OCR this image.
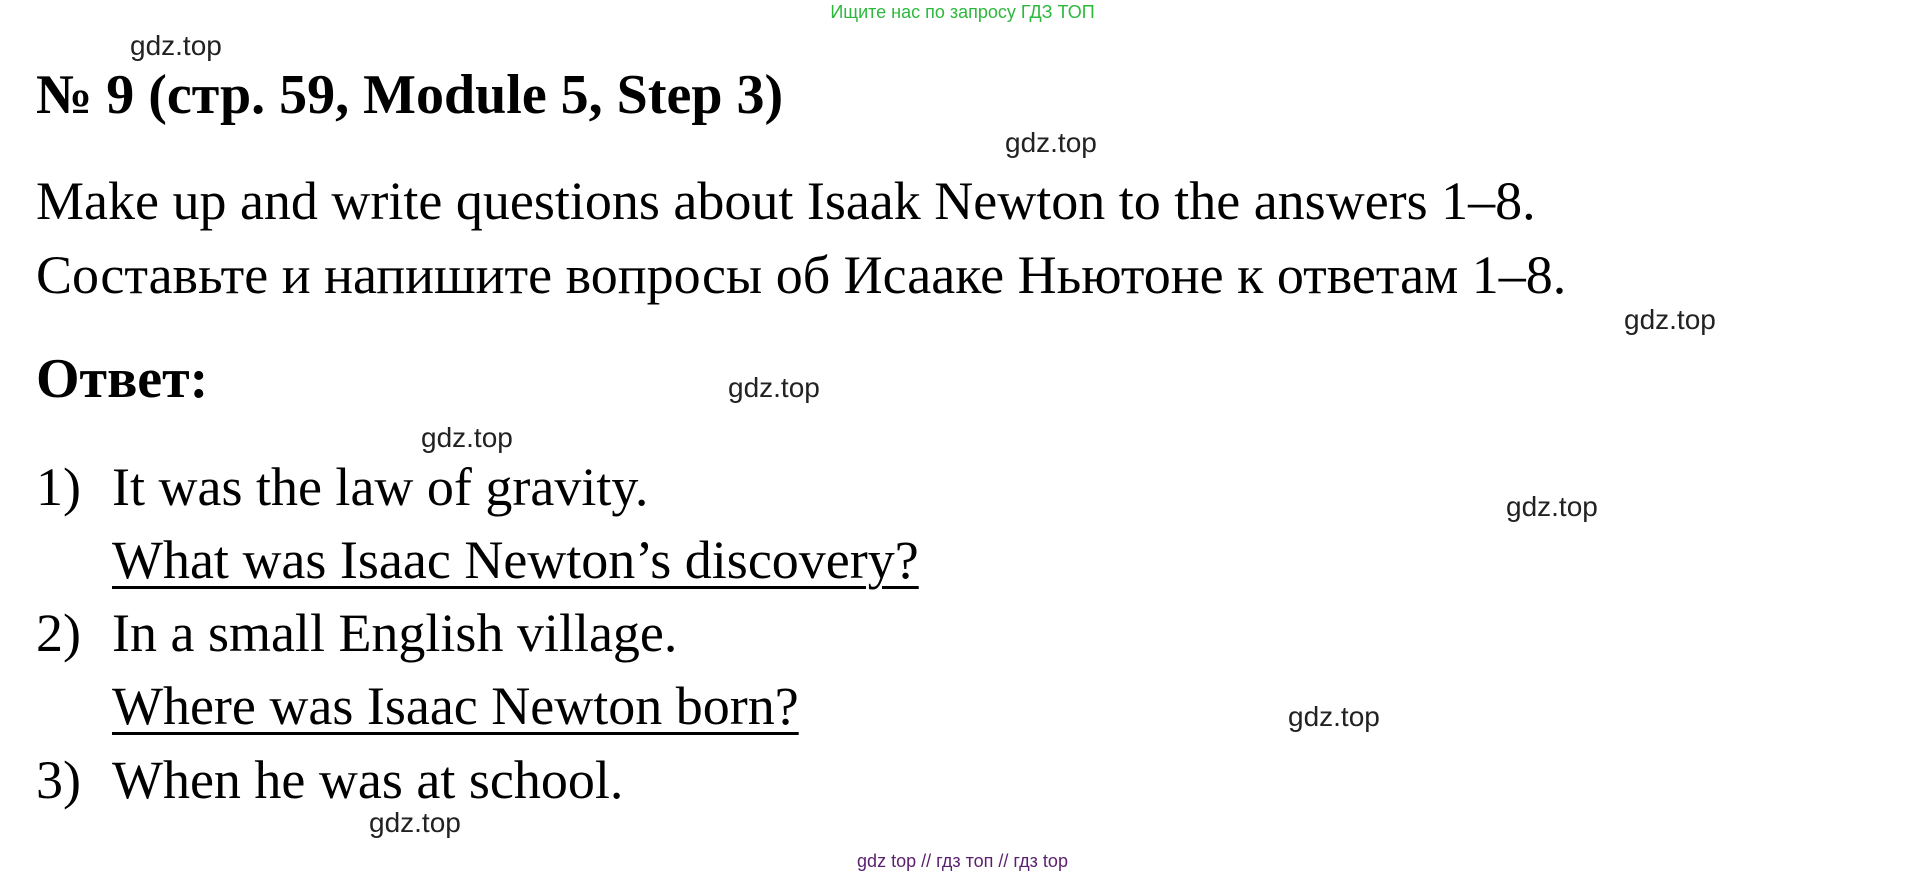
Ищите нас по запросу ГДЗ ТОП
gdz.top
gdz.top
gdz.top
gdz.top
gdz.top
gdz.top
gdz.top
gdz.top
№ 9 (стр. 59, Module 5, Step 3)
Make up and write questions about Isaak Newton to the answers 1–8.
Составьте и напишите вопросы об Исааке Ньютоне к ответам 1–8.
Ответ:
1) It was the law of gravity.
What was Isaac Newton’s discovery?
2) In a small English village.
Where was Isaac Newton born?
3) When he was at school.
gdz top // гдз топ // гдз top
